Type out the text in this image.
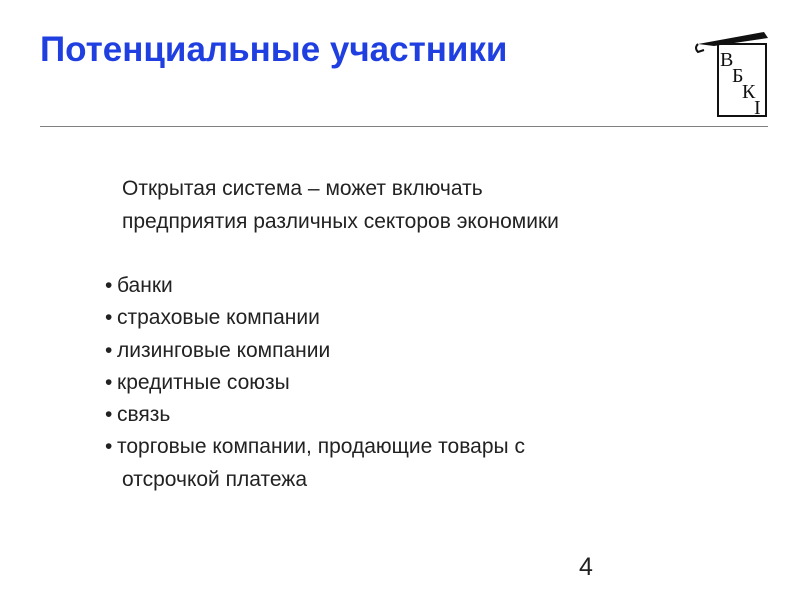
Потенциальные участники	В
Б
К
I
Открытая система – может включать
предприятия различных секторов экономики
• банки
• страховые компании
• лизинговые компании
• кредитные союзы
• связь
• торговые компании, продающие товары с
отсрочкой платежа
4
